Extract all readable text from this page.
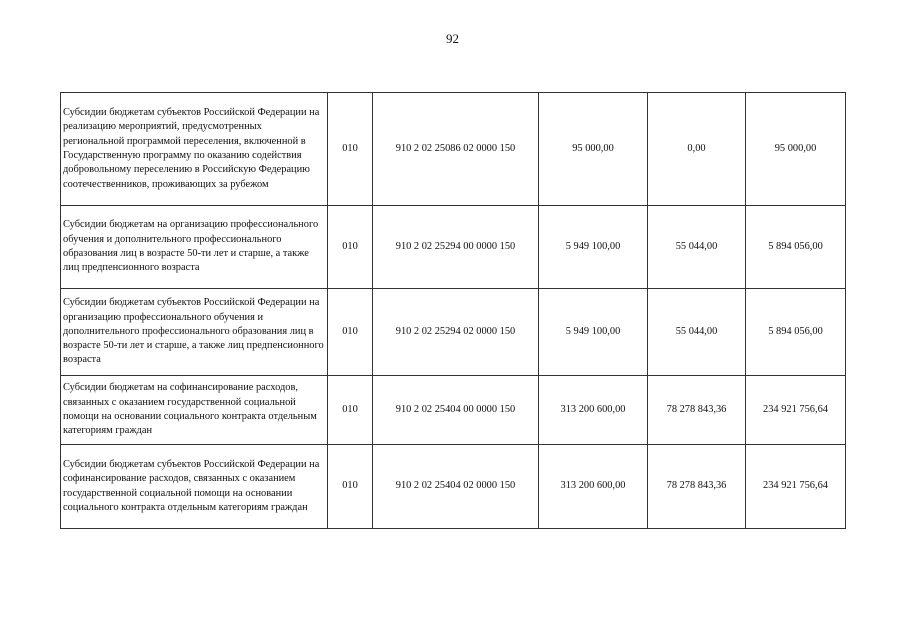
92
Субсидии бюджетам субъектов Российской Федерации на реализацию мероприятий, предусмотренных региональной программой переселения, включенной в Государственную программу по оказанию содействия добровольному переселению в Российскую Федерацию соотечественников, проживающих за рубежом	010	910 2 02 25086 02 0000 150	95 000,00	0,00	95 000,00
Субсидии бюджетам на организацию профессионального обучения и дополнительного профессионального образования лиц в возрасте 50-ти лет и старше, а также лиц предпенсионного возраста	010	910 2 02 25294 00 0000 150	5 949 100,00	55 044,00	5 894 056,00
Субсидии бюджетам субъектов Российской Федерации на организацию профессионального обучения и дополнительного профессионального образования лиц в возрасте 50-ти лет и старше, а также лиц предпенсионного возраста	010	910 2 02 25294 02 0000 150	5 949 100,00	55 044,00	5 894 056,00
Субсидии бюджетам на софинансирование расходов, связанных с оказанием государственной социальной помощи на основании социального контракта отдельным категориям граждан	010	910 2 02 25404 00 0000 150	313 200 600,00	78 278 843,36	234 921 756,64
Субсидии бюджетам субъектов Российской Федерации на софинансирование расходов, связанных с оказанием государственной социальной помощи на основании социального контракта отдельным категориям граждан	010	910 2 02 25404 02 0000 150	313 200 600,00	78 278 843,36	234 921 756,64
